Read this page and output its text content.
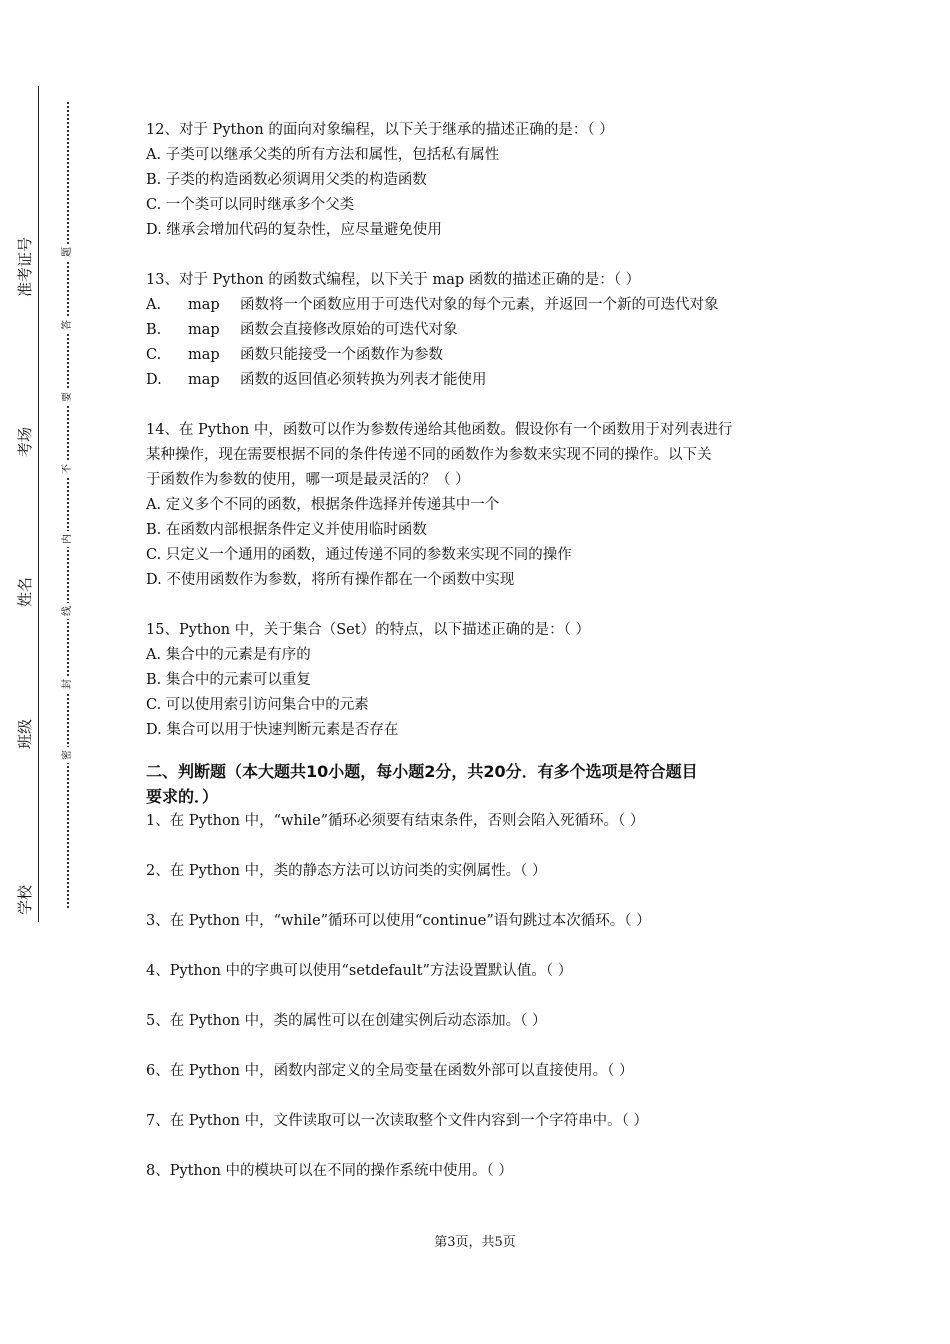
准考证号
考场
姓名
班级
学校
题
答
要
不
内
线
封
密
12、对于 Python 的面向对象编程，以下关于继承的描述正确的是：（ ）
A. 子类可以继承父类的所有方法和属性，包括私有属性
B. 子类的构造函数必须调用父类的构造函数
C. 一个类可以同时继承多个父类
D. 继承会增加代码的复杂性，应尽量避免使用
13、对于 Python 的函数式编程，以下关于 map 函数的描述正确的是：（ ）
A. map 函数将一个函数应用于可迭代对象的每个元素，并返回一个新的可迭代对象
B. map 函数会直接修改原始的可迭代对象
C. map 函数只能接受一个函数作为参数
D. map 函数的返回值必须转换为列表才能使用
14、在 Python 中，函数可以作为参数传递给其他函数。假设你有一个函数用于对列表进行
某种操作，现在需要根据不同的条件传递不同的函数作为参数来实现不同的操作。以下关
于函数作为参数的使用，哪一项是最灵活的？（ ）
A. 定义多个不同的函数，根据条件选择并传递其中一个
B. 在函数内部根据条件定义并使用临时函数
C. 只定义一个通用的函数，通过传递不同的参数来实现不同的操作
D. 不使用函数作为参数，将所有操作都在一个函数中实现
15、Python 中，关于集合（Set）的特点，以下描述正确的是：（ ）
A. 集合中的元素是有序的
B. 集合中的元素可以重复
C. 可以使用索引访问集合中的元素
D. 集合可以用于快速判断元素是否存在
二、判断题（本大题共10小题，每小题2分，共20分．有多个选项是符合题目
要求的．）
1、在 Python 中，“while”循环必须要有结束条件，否则会陷入死循环。（ ）
2、在 Python 中，类的静态方法可以访问类的实例属性。（ ）
3、在 Python 中，“while”循环可以使用“continue”语句跳过本次循环。（ ）
4、Python 中的字典可以使用“setdefault”方法设置默认值。（ ）
5、在 Python 中，类的属性可以在创建实例后动态添加。（ ）
6、在 Python 中，函数内部定义的全局变量在函数外部可以直接使用。（ ）
7、在 Python 中，文件读取可以一次读取整个文件内容到一个字符串中。（ ）
8、Python 中的模块可以在不同的操作系统中使用。（ ）
第3页，共5页
